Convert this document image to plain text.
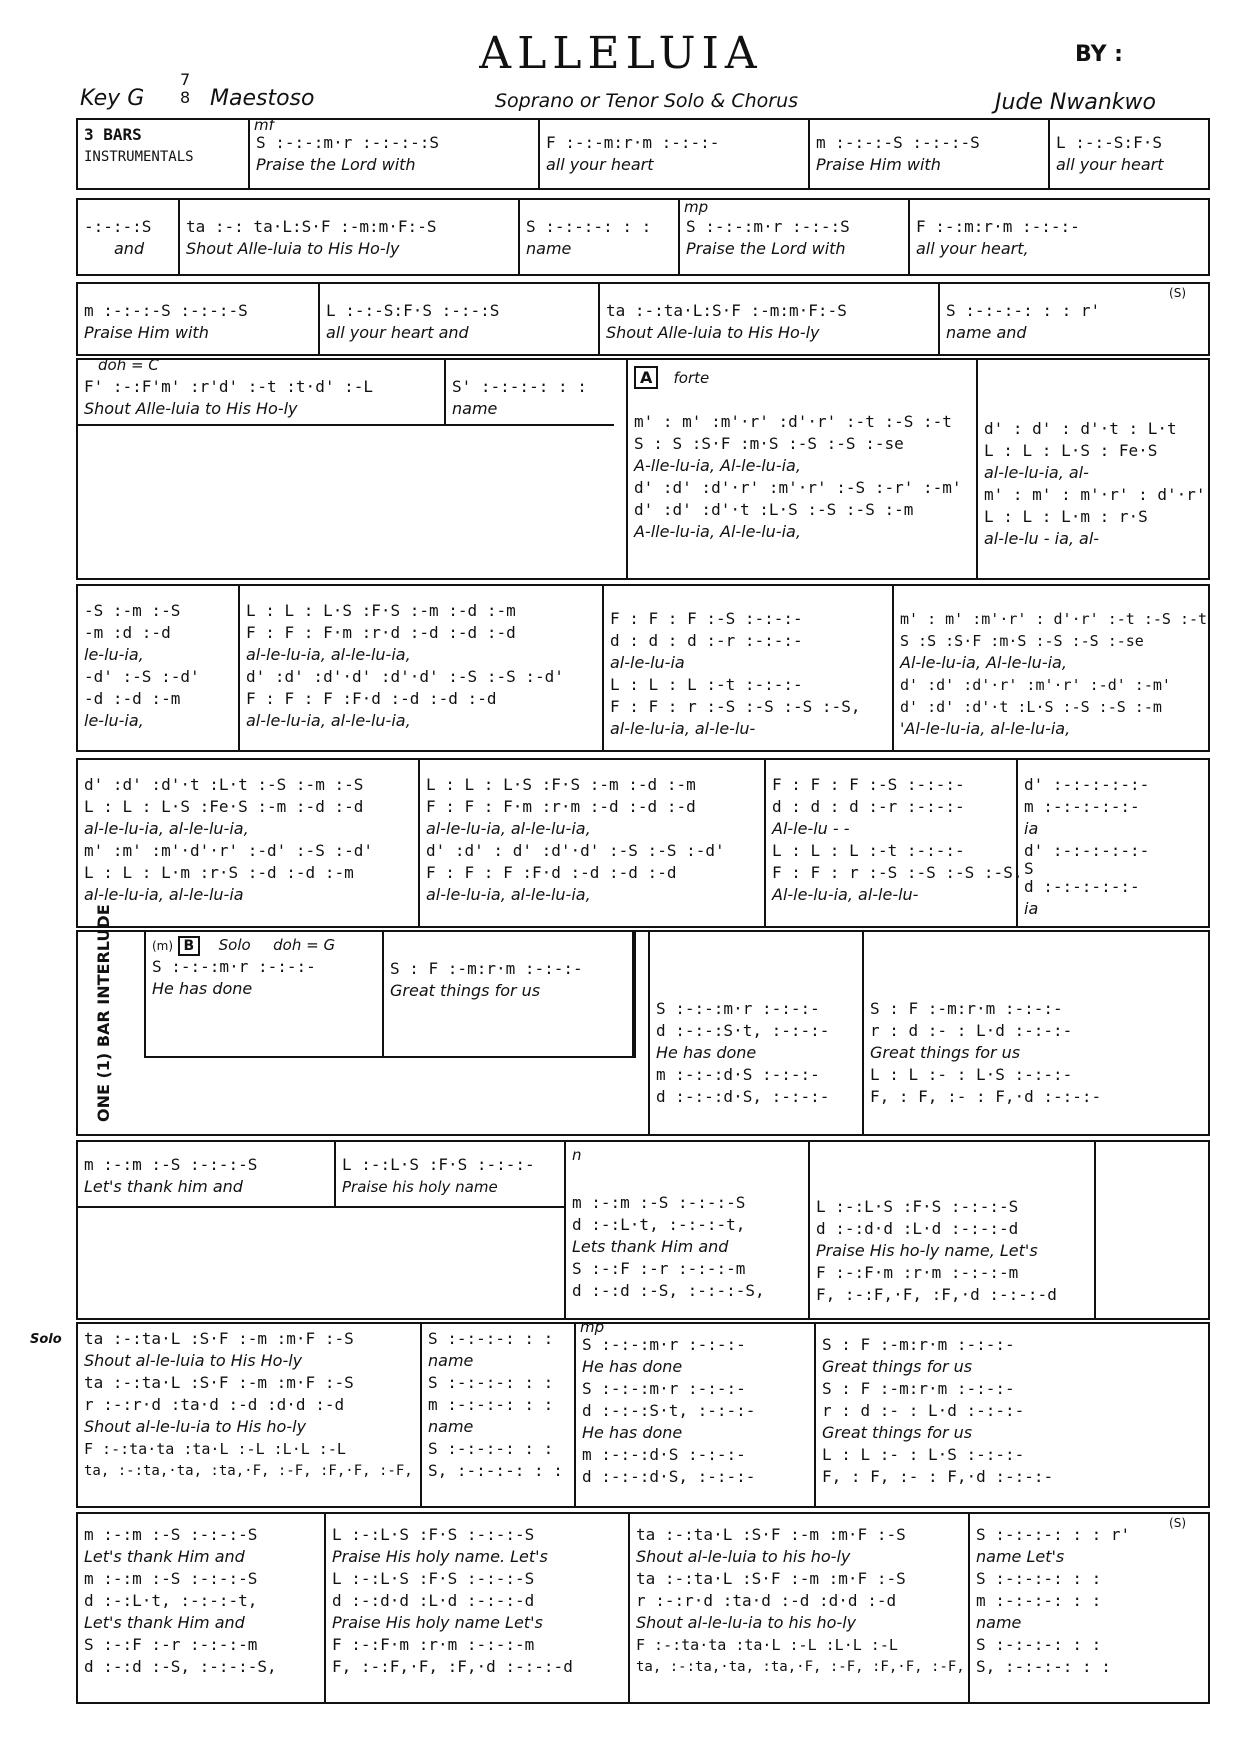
ALLELUIA	BY :
Key G
7
8 Maestoso	Soprano or Tenor Solo & Chorus	Jude Nwankwo
3 BARS
INSTRUMENTALS
mf
S :-:-:m·r :-:-:-:S
Praise the Lord with
F :-:-m:r·m :-:-:-
all your heart
m :-:-:-S :-:-:-S
Praise Him with
L :-:-S:F·S
all your heart
-:-:-:S
and
ta :-: ta·L:S·F :-m:m·F:-S
Shout Alle-luia to His Ho-ly
S :-:-:-: : :
name
mp
S :-:-:m·r :-:-:S
Praise the Lord with
F :-:m:r·m :-:-:-
all your heart,
m :-:-:-S :-:-:-S
Praise Him with
L :-:-S:F·S :-:-:S
all your heart and
ta :-:ta·L:S·F :-m:m·F:-S
Shout Alle-luia to His Ho-ly
(S)
S :-:-:-: : : r'
name and
doh = C
F' :-:F'm' :r'd' :-t :t·d' :-L
Shout Alle-luia to His Ho-ly
S' :-:-:-: : :
name
A forte
m' : m' :m'·r' :d'·r' :-t :-S :-t
S : S :S·F :m·S :-S :-S :-se
A-lle-lu-ia, Al-le-lu-ia,
d' :d' :d'·r' :m'·r' :-S :-r' :-m'
d' :d' :d'·t :L·S :-S :-S :-m
A-lle-lu-ia, Al-le-lu-ia,
d' : d' : d'·t : L·t
L : L : L·S : Fe·S
al-le-lu-ia, al-
m' : m' : m'·r' : d'·r'
L : L : L·m : r·S
al-le-lu - ia, al-
-S :-m :-S
-m :d :-d
le-lu-ia,
-d' :-S :-d'
-d :-d :-m
le-lu-ia,
L : L : L·S :F·S :-m :-d :-m
F : F : F·m :r·d :-d :-d :-d
al-le-lu-ia, al-le-lu-ia,
d' :d' :d'·d' :d'·d' :-S :-S :-d'
F : F : F :F·d :-d :-d :-d
al-le-lu-ia, al-le-lu-ia,
F : F : F :-S :-:-:-
d : d : d :-r :-:-:-
al-le-lu-ia
L : L : L :-t :-:-:-
F : F : r :-S :-S :-S :-S,
al-le-lu-ia, al-le-lu-
m' : m' :m'·r' : d'·r' :-t :-S :-t
S :S :S·F :m·S :-S :-S :-se
Al-le-lu-ia, Al-le-lu-ia,
d' :d' :d'·r' :m'·r' :-d' :-m'
d' :d' :d'·t :L·S :-S :-S :-m
'Al-le-lu-ia, al-le-lu-ia,
d' :d' :d'·t :L·t :-S :-m :-S
L : L : L·S :Fe·S :-m :-d :-d
al-le-lu-ia, al-le-lu-ia,
m' :m' :m'·d'·r' :-d' :-S :-d'
L : L : L·m :r·S :-d :-d :-m
al-le-lu-ia, al-le-lu-ia
L : L : L·S :F·S :-m :-d :-m
F : F : F·m :r·m :-d :-d :-d
al-le-lu-ia, al-le-lu-ia,
d' :d' : d' :d'·d' :-S :-S :-d'
F : F : F :F·d :-d :-d :-d
al-le-lu-ia, al-le-lu-ia,
F : F : F :-S :-:-:-
d : d : d :-r :-:-:-
Al-le-lu - -
L : L : L :-t :-:-:-
F : F : r :-S :-S :-S :-S,
Al-le-lu-ia, al-le-lu-
d' :-:-:-:-:-
m :-:-:-:-:-
ia
d' :-:-:-:-:-
S
d :-:-:-:-:-
ia
ONE (1) BAR INTERLUDE	(m) B Solo doh = G
S :-:-:m·r :-:-:-
He has done
S : F :-m:r·m :-:-:-
Great things for us
S :-:-:m·r :-:-:-
d :-:-:S·t, :-:-:-
He has done
m :-:-:d·S :-:-:-
d :-:-:d·S, :-:-:-
S : F :-m:r·m :-:-:-
r : d :- : L·d :-:-:-
Great things for us
L : L :- : L·S :-:-:-
F, : F, :- : F,·d :-:-:-
m :-:m :-S :-:-:-S
Let's thank him and
L :-:L·S :F·S :-:-:-
Praise his holy name
n
m :-:m :-S :-:-:-S
d :-:L·t, :-:-:-t,
Lets thank Him and
S :-:F :-r :-:-:-m
d :-:d :-S, :-:-:-S,
L :-:L·S :F·S :-:-:-S
d :-:d·d :L·d :-:-:-d
Praise His ho-ly name, Let's
F :-:F·m :r·m :-:-:-m
F, :-:F,·F, :F,·d :-:-:-d
Solo ta :-:ta·L :S·F :-m :m·F :-S
Shout al-le-luia to His Ho-ly
ta :-:ta·L :S·F :-m :m·F :-S
r :-:r·d :ta·d :-d :d·d :-d
Shout al-le-lu-ia to His ho-ly
F :-:ta·ta :ta·L :-L :L·L :-L
ta, :-:ta,·ta, :ta,·F, :-F, :F,·F, :-F,
S :-:-:-: : :
name
S :-:-:-: : :
m :-:-:-: : :
name
S :-:-:-: : :
S, :-:-:-: : :
mp
S :-:-:m·r :-:-:-
He has done
S :-:-:m·r :-:-:-
d :-:-:S·t, :-:-:-
He has done
m :-:-:d·S :-:-:-
d :-:-:d·S, :-:-:-
S : F :-m:r·m :-:-:-
Great things for us
S : F :-m:r·m :-:-:-
r : d :- : L·d :-:-:-
Great things for us
L : L :- : L·S :-:-:-
F, : F, :- : F,·d :-:-:-
m :-:m :-S :-:-:-S
Let's thank Him and
m :-:m :-S :-:-:-S
d :-:L·t, :-:-:-t,
Let's thank Him and
S :-:F :-r :-:-:-m
d :-:d :-S, :-:-:-S,
L :-:L·S :F·S :-:-:-S
Praise His holy name. Let's
L :-:L·S :F·S :-:-:-S
d :-:d·d :L·d :-:-:-d
Praise His holy name Let's
F :-:F·m :r·m :-:-:-m
F, :-:F,·F, :F,·d :-:-:-d
ta :-:ta·L :S·F :-m :m·F :-S
Shout al-le-luia to his ho-ly
ta :-:ta·L :S·F :-m :m·F :-S
r :-:r·d :ta·d :-d :d·d :-d
Shout al-le-lu-ia to his ho-ly
F :-:ta·ta :ta·L :-L :L·L :-L
ta, :-:ta,·ta, :ta,·F, :-F, :F,·F, :-F,
(S)
S :-:-:-: : : r'
name Let's
S :-:-:-: : :
m :-:-:-: : :
name
S :-:-:-: : :
S, :-:-:-: : :
